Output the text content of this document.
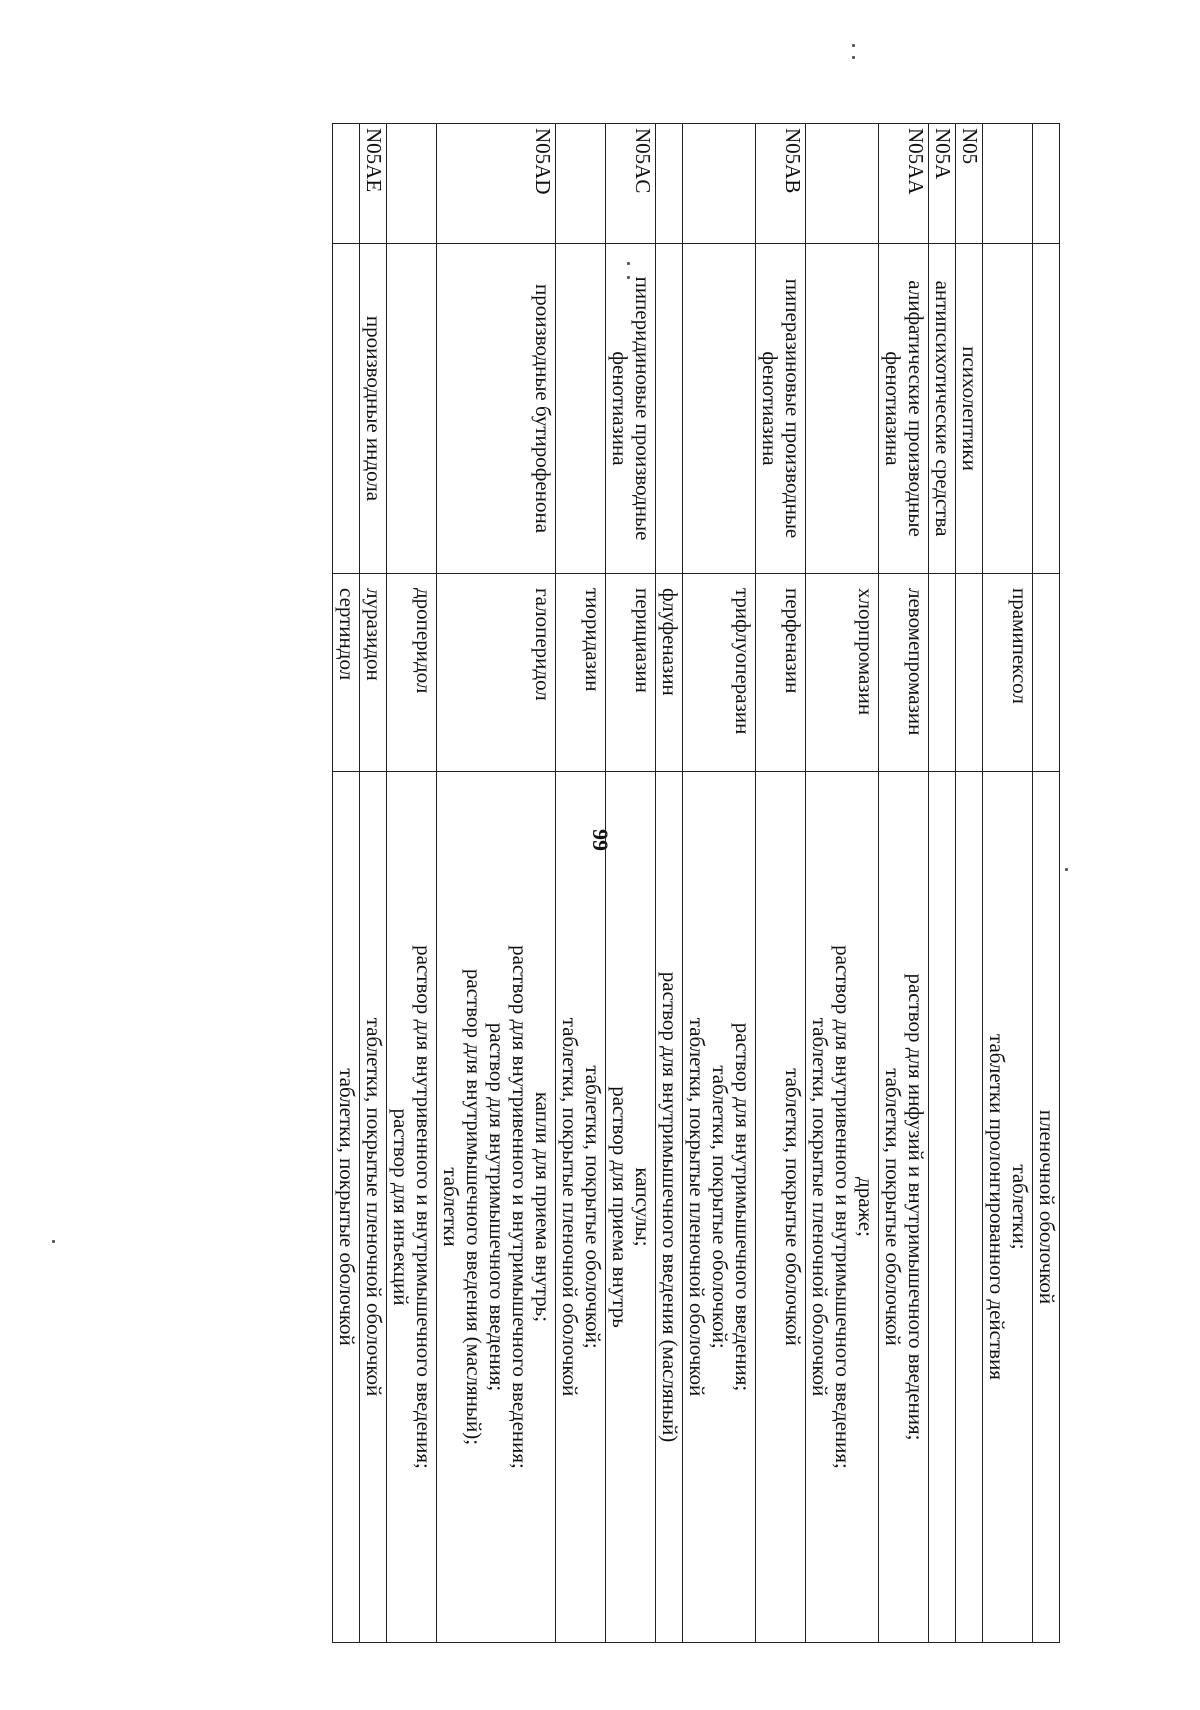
99
пленочной оболочкой
прамипексол
таблетки;
таблетки пролонгированного действия
N05
психолептики
N05A
антипсихотические средства
N05AA
алифатические производные фенотиазина
левомепромазин
раствор для инфузий и внутримышечного введения;
таблетки, покрытые оболочкой
хлорпромазин
драже;
раствор для внутривенного и внутримышечного введения;
таблетки, покрытые пленочной оболочкой
N05AB
пиперазиновые производные фенотиазина
перфеназин
таблетки, покрытые оболочкой
трифлуоперазин
раствор для внутримышечного введения;
таблетки, покрытые оболочкой;
таблетки, покрытые пленочной оболочкой
флуфеназин
раствор для внутримышечного введения (масляный)
N05AC
пиперидиновые производные фенотиазина
перициазин
капсулы;
раствор для приема внутрь
тиоридазин
таблетки, покрытые оболочкой;
таблетки, покрытые пленочной оболочкой
N05AD
производные бутирофенона
галоперидол
капли для приема внутрь;
раствор для внутривенного и внутримышечного введения;
раствор для внутримышечного введения;
раствор для внутримышечного введения (масляный);
таблетки
дроперидол
раствор для внутривенного и внутримышечного введения;
раствор для инъекций
N05AE
производные индола
луразидон
таблетки, покрытые пленочной оболочкой
сертиндол
таблетки, покрытые оболочкой
